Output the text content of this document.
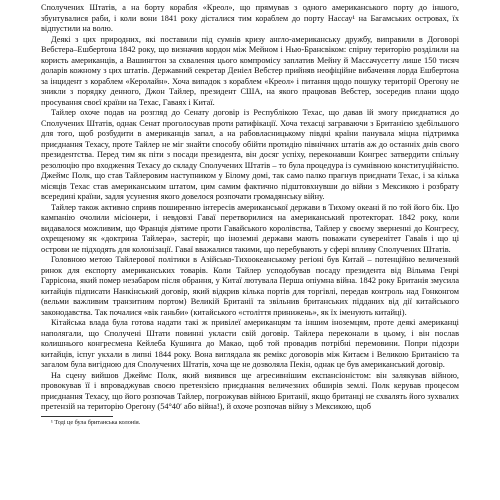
Сполучених Штатів, а на борту корабля «Креол», що прямував з одного американського порту до іншого, збунтувалися раби, і коли вони 1841 року дісталися тим кораблем до порту Нассау¹ на Багамських островах, їх відпустили на волю.

Деякі з цих природних, які поставили під сумнів кризу англо-американську дружбу, виправили в Договорі Вебстера–Ешбертона 1842 року, що визначив кордон між Мейном і Нью-Брансвіком: спірну територію розділили на користь американців, а Вашингтон за схвалення цього компромісу заплатив Мейну й Массачусетту лише 150 тисяч доларів кожному з цих штатів. Державний секретар Деніел Вебстер прийняв неофіційне вибачення лорда Ешбертона за інцидент з кораблем «Керолайн». Хоча випадок з кораблем «Креол» і питання щодо пошуку території Орегону не зникли з порядку денного, Джон Тайлер, президент США, на якого працював Вебстер, зосередив плани щодо просування своєї країни на Техас, Гаваях і Китаї.

Тайлер охоче подав на розгляд до Сенату договір із Республікою Техас, що давав їй змогу приєднатися до Сполучених Штатів, однак Сенат проголосував проти ратифікації. Хоча техасці заграваючи з Британією здебільшого для того, щоб розбудити в американців запал, а на рабовласницькому півдні країни панувала міцна підтримка приєднання Техасу, проте Тайлер не міг знайти способу обійти протидію північних штатів аж до останніх днів свого президентства. Перед тим як піти з посади президента, він досяг успіху, переконавши Конгрес затвердити спільну резолюцію про входження Техасу до складу Сполучених Штатів – то була процедура із сумнівною конституційністю. Джеймс Полк, що став Тайлеровим наступником у Білому домі, так само палко прагнув приєднати Техас, і за кілька місяців Техас став американським штатом, цим самим фактично підштовхнувши до війни з Мексикою і розбрату всередині країни, задля усунення якого довелося розпочати громадянську війну.

Тайлер також активно сприяв поширенню інтересів американської держави в Тихому океані й по той його бік. Цю кампанію очолили місіонери, і невдовзі Гаваї перетворилися на американський протекторат. 1842 року, коли видавалося можливим, що Франція діятиме проти Гавайського королівства, Тайлер у своєму зверненні до Конгресу, охрещеному як «доктрина Тайлера», застеріг, що іноземні держави мають поважати суверенітет Гаваїв і що ці острови не підходять для колонізації. Гаваї вважалися такими, що перебувають у сфері впливу Сполучених Штатів.

Головною метою Тайлерової політики в Азійсько-Тихоокеанському регіоні був Китай – потенційно величезний ринок для експорту американських товарів. Коли Тайлер усподобував посаду президента від Вільяма Генрі Гаррісона, який помер незабаром після обрання, у Китаї лютувала Перша опіумна війна. 1842 року Британія змусила китайців підписати Нанкінський договір, який відкрив кілька портів для торгівлі, передав контроль над Гонконгом (вельми важливим транзитним портом) Великій Британії та звільнив британських підданих від дії китайського законодавства. Так почалися «вік ганьби» (китайського «століття принижень», як їх іменують китайці).

Кітайська влада була готова надати такі ж привілеї американцям та іншим іноземцям, проте деякі американці наполягали, що Сполучені Штати повинні укласти свій договір. Тайлера переконали в цьому, і він послав колишнього конгресмена Кейлеба Кушинга до Макао, щоб той провадив потрібні перемовини. Попри підозри китайців, іспуг укхали в липні 1844 року. Вона виглядала як ремікс договорів між Китаєм і Великою Британією та загалом була вигідною для Сполучених Штатів, хоча ще не дозволяла Пекін, однак це був американський договір.

На сцену вийшов Джеймс Полк, який виявився ще агресивнішим експансіоністом: він залякував війною, провокував її і впроваджував своєю претензією приєднання величезних обширів землі. Полк керував процесом приєднання Техасу, що його розпочав Тайлер, погрожував війною Британії, якщо британці не схвалять його зухвалих претензій на територію Орегону (54°40′ або війна!), й охоче розпочав війну з Мексикою, щоб

¹ Тоді це була британська колонія.
